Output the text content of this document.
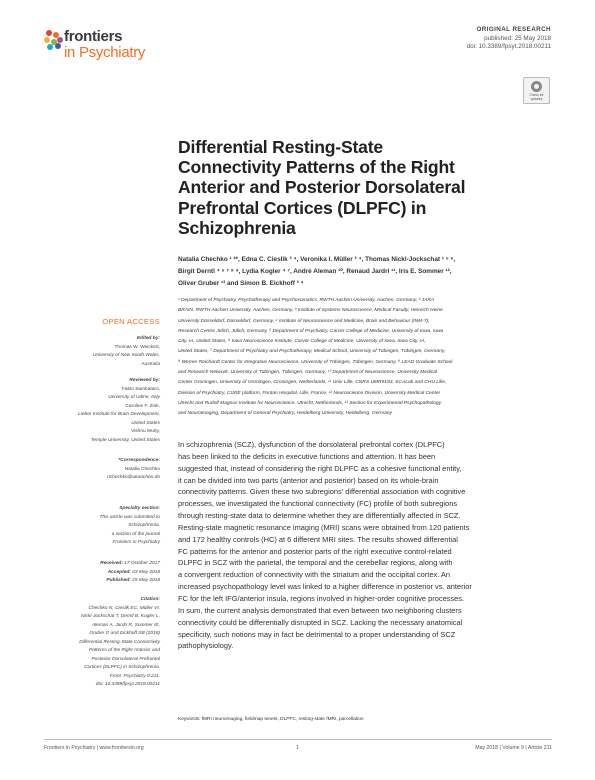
frontiers
in Psychiatry
ORIGINAL RESEARCH
published: 25 May 2018
doi: 10.3389/fpsyt.2018.00211
Check for updates
Differential Resting-State
Connectivity Patterns of the Right
Anterior and Posterior Dorsolateral
Prefrontal Cortices (DLPFC) in
Schizophrenia
Natalia Chechko ¹ ²*, Edna C. Cieslik ³ ⁴, Veronika I. Müller ³ ⁴, Thomas Nickl-Jockschat ¹ ⁵ ⁶,
Birgit Derntl ⁴ ⁶ ⁷ ⁸ ⁹, Lydia Kogler ⁴ ⁷, André Aleman ¹⁰, Renaud Jardri ¹¹, Iris E. Sommer ¹²,
Oliver Gruber ¹³ and Simon B. Eickhoff ³ ⁴
¹ Department of Psychiatry, Psychotherapy and Psychosomatics, RWTH Aachen University, Aachen, Germany, ² JARA
BRAIN, RWTH Aachen University, Aachen, Germany, ³ Institute of Systems Neuroscience, Medical Faculty, Heinrich Heine
University Düsseldorf, Düsseldorf, Germany, ⁴ Institute of Neuroscience and Medicine, Brain and Behaviour (INM-7),
Research Centre Jülich, Jülich, Germany, ⁵ Department of Psychiatry, Carver College of Medicine, University of Iowa, Iowa
City, IA, United States, ⁶ Iowa Neuroscience Institute, Carver College of Medicine, University of Iowa, Iowa City, IA,
United States, ⁷ Department of Psychiatry and Psychotherapy, Medical School, University of Tübingen, Tübingen, Germany,
⁸ Werner Reichardt Center for Integrative Neuroscience, University of Tübingen, Tübingen, Germany, ⁹ LEAD Graduate School
and Research Network, University of Tübingen, Tübingen, Germany, ¹⁰ Department of Neuroscience, University Medical
Center Groningen, University of Groningen, Groningen, Netherlands, ¹¹ Univ Lille, CNRS UMR9193, SCALab and CHU Lille,
Division of Psychiatry, CURE platform, Fontan Hospital, Lille, France, ¹² Neuroscience Division, University Medical Center
Utrecht and Rudolf Magnus Institute for Neuroscience, Utrecht, Netherlands, ¹³ Section for Experimental Psychopathology
and Neuroimaging, Department of General Psychiatry, Heidelberg University, Heidelberg, Germany
OPEN ACCESS
Edited by:
Thomas W. Weickert,
University of New South Wales,
Australia
Reviewed by:
Fabio Sambataro,
University of Udine, Italy
Caroline F. Zink,
Lieber Institute for Brain Development,
United States
Vishnu Murty,
Temple University, United States
*Correspondence:
Natalia Chechko
nchechko@ukaachen.de
Specialty section:
This article was submitted to
Schizophrenia,
a section of the journal
Frontiers in Psychiatry
Received: 17 October 2017
Accepted: 03 May 2018
Published: 25 May 2018
Citation:
Chechko N, Cieslik EC, Müller VI,
Nickl-Jockschat T, Derntl B, Kogler L,
Aleman A, Jardri R, Sommer IE,
Gruber O and Eickhoff SB (2018)
Differential Resting-State Connectivity
Patterns of the Right Anterior and
Posterior Dorsolateral Prefrontal
Cortices (DLPFC) in Schizophrenia.
Front. Psychiatry 9:211.
doi: 10.3389/fpsyt.2018.00211
In schizophrenia (SCZ), dysfunction of the dorsolateral prefrontal cortex (DLPFC)
has been linked to the deficits in executive functions and attention. It has been
suggested that, instead of considering the right DLPFC as a cohesive functional entity,
it can be divided into two parts (anterior and posterior) based on its whole-brain
connectivity patterns. Given these two subregions' differential association with cognitive
processes, we investigated the functional connectivity (FC) profile of both subregions
through resting-state data to determine whether they are differentially affected in SCZ.
Resting-state magnetic resonance imaging (MRI) scans were obtained from 120 patients
and 172 healthy controls (HC) at 6 different MRI sites. The results showed differential
FC patterns for the anterior and posterior parts of the right executive control-related
DLPFC in SCZ with the parietal, the temporal and the cerebellar regions, along with
a convergent reduction of connectivity with the striatum and the occipital cortex. An
increased psychopathology level was linked to a higher difference in posterior vs. anterior
FC for the left IFG/anterior insula, regions involved in higher-order cognitive processes.
In sum, the current analysis demonstrated that even between two neighboring clusters
connectivity could be differentially disrupted in SCZ. Lacking the necessary anatomical
specificity, such notions may in fact be detrimental to a proper understanding of SCZ
pathophysiology.
Keywords: fMRI neuroimaging, fieldmap tenets, DLPFC, resting-state fMRI, parcellation
Frontiers in Psychiatry | www.frontiersin.org	1	May 2018 | Volume 9 | Article 211
